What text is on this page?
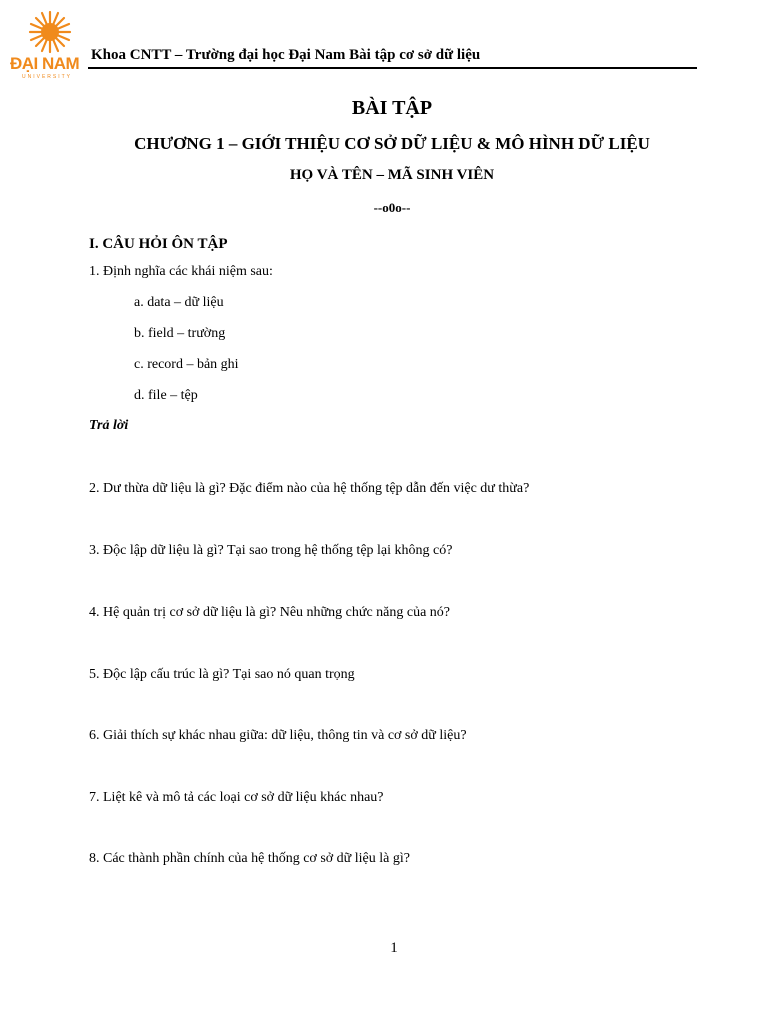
ĐẠI NAM
UNIVERSITY
Khoa CNTT – Trường đại học Đại Nam Bài tập cơ sở dữ liệu
BÀI TẬP
CHƯƠNG 1 – GIỚI THIỆU CƠ SỞ DỮ LIỆU & MÔ HÌNH DỮ LIỆU
HỌ VÀ TÊN – MÃ SINH VIÊN
--o0o--
I. CÂU HỎI ÔN TẬP
1. Định nghĩa các khái niệm sau:
a. data – dữ liệu
b. field – trường
c. record – bản ghi
d. file – tệp
Trả lời
2. Dư thừa dữ liệu là gì? Đặc điểm nào của hệ thống tệp dẫn đến việc dư thừa?
3. Độc lập dữ liệu là gì? Tại sao trong hệ thống tệp lại không có?
4. Hệ quản trị cơ sở dữ liệu là gì? Nêu những chức năng của nó?
5. Độc lập cấu trúc là gì? Tại sao nó quan trọng
6. Giải thích sự khác nhau giữa: dữ liệu, thông tin và cơ sở dữ liệu?
7. Liệt kê và mô tả các loại cơ sở dữ liệu khác nhau?
8. Các thành phần chính của hệ thống cơ sở dữ liệu là gì?
1
